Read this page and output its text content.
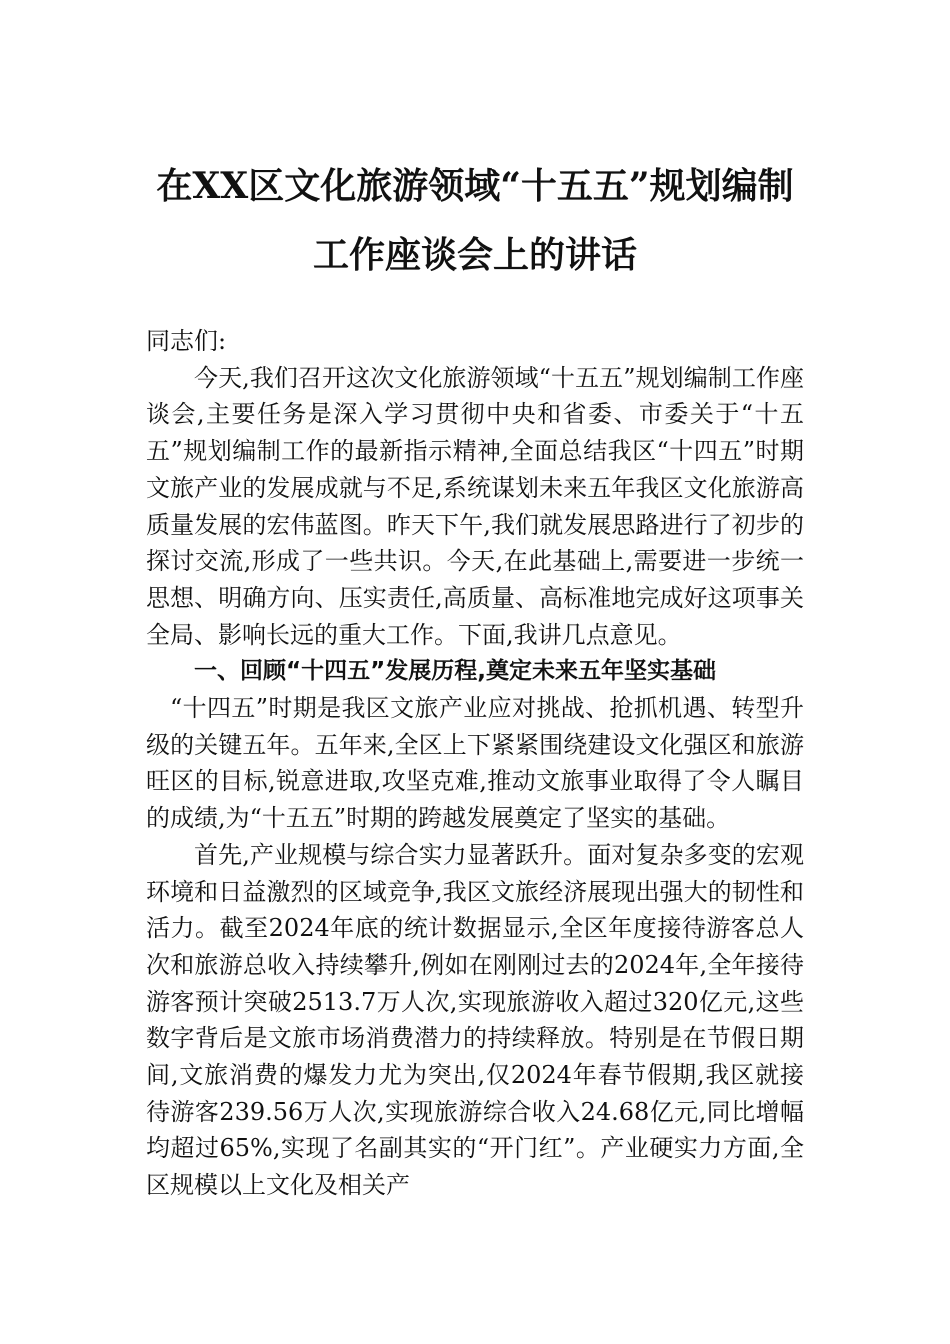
在XX区文化旅游领域“十五五”规划编制
工作座谈会上的讲话

同志们:

今天,我们召开这次文化旅游领域“十五五”规划编制工作座谈会,主要任务是深入学习贯彻中央和省委、市委关于“十五五”规划编制工作的最新指示精神,全面总结我区“十四五”时期文旅产业的发展成就与不足,系统谋划未来五年我区文化旅游高质量发展的宏伟蓝图。昨天下午,我们就发展思路进行了初步的探讨交流,形成了一些共识。今天,在此基础上,需要进一步统一思想、明确方向、压实责任,高质量、高标准地完成好这项事关全局、影响长远的重大工作。下面,我讲几点意见。

一、回顾“十四五”发展历程,奠定未来五年坚实基础

“十四五”时期是我区文旅产业应对挑战、抢抓机遇、转型升级的关键五年。五年来,全区上下紧紧围绕建设文化强区和旅游旺区的目标,锐意进取,攻坚克难,推动文旅事业取得了令人瞩目的成绩,为“十五五”时期的跨越发展奠定了坚实的基础。

首先,产业规模与综合实力显著跃升。面对复杂多变的宏观环境和日益激烈的区域竞争,我区文旅经济展现出强大的韧性和活力。截至2024年底的统计数据显示,全区年度接待游客总人次和旅游总收入持续攀升,例如在刚刚过去的2024年,全年接待游客预计突破2513.7万人次,实现旅游收入超过320亿元,这些数字背后是文旅市场消费潜力的持续释放。特别是在节假日期间,文旅消费的爆发力尤为突出,仅2024年春节假期,我区就接待游客239.56万人次,实现旅游综合收入24.68亿元,同比增幅均超过65%,实现了名副其实的“开门红”。产业硬实力方面,全区规模以上文化及相关产
